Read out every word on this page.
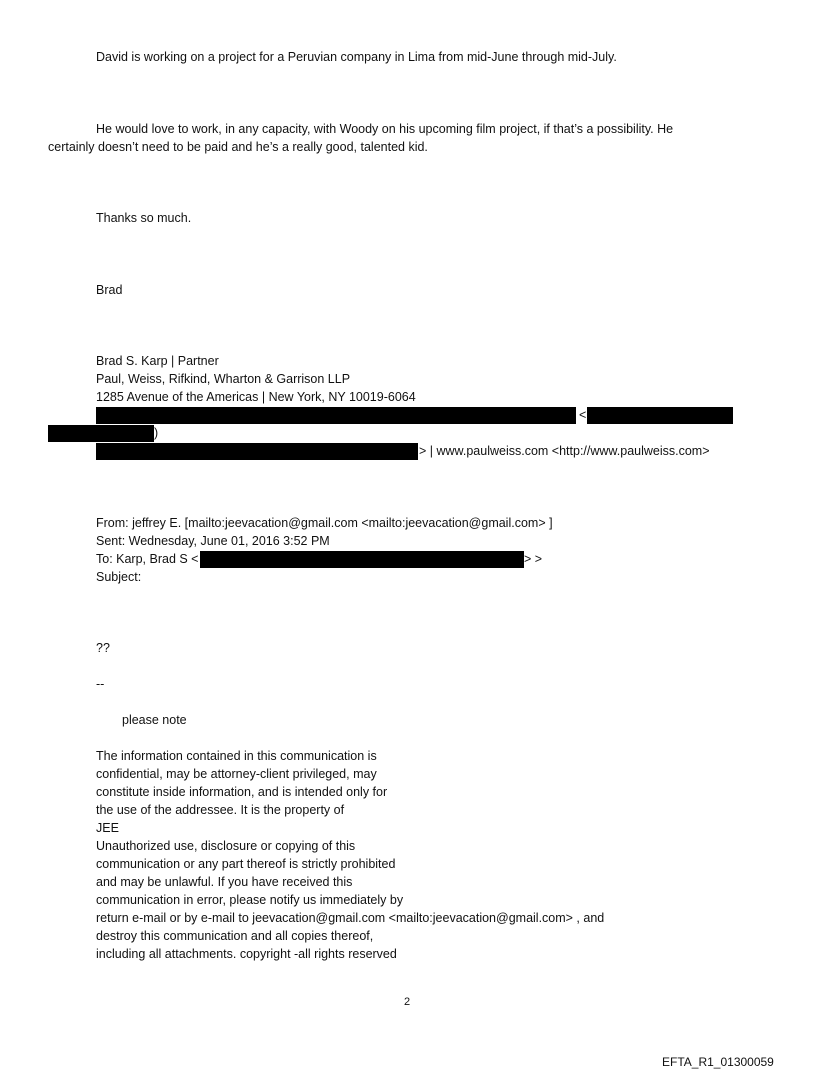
David is working on a project for a Peruvian company in Lima from mid-June through mid-July.
He would love to work, in any capacity, with Woody on his upcoming film project, if that’s a possibility. He
certainly doesn’t need to be paid and he’s a really good, talented kid.
Thanks so much.
Brad
Brad S. Karp | Partner
Paul, Weiss, Rifkind, Wharton & Garrison LLP
1285 Avenue of the Americas | New York, NY 10019-6064
<
)
> | www.paulweiss.com <http://www.paulweiss.com>
From: jeffrey E. [mailto:jeevacation@gmail.com <mailto:jeevacation@gmail.com> ]
Sent: Wednesday, June 01, 2016 3:52 PM
To: Karp, Brad S <	> >
Subject:
??
--
please note
The information contained in this communication is
confidential, may be attorney-client privileged, may
constitute inside information, and is intended only for
the use of the addressee. It is the property of
JEE
Unauthorized use, disclosure or copying of this
communication or any part thereof is strictly prohibited
and may be unlawful. If you have received this
communication in error, please notify us immediately by
return e-mail or by e-mail to jeevacation@gmail.com <mailto:jeevacation@gmail.com> , and
destroy this communication and all copies thereof,
including all attachments. copyright -all rights reserved
2
EFTA_R1_01300059
